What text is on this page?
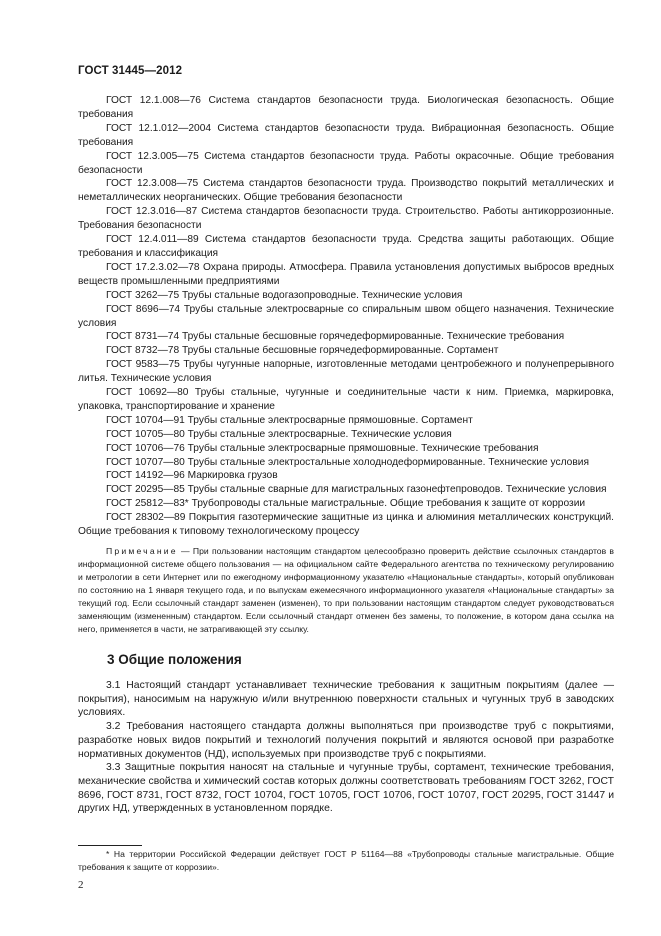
ГОСТ 31445—2012

ГОСТ 12.1.008—76 Система стандартов безопасности труда. Биологическая безопасность. Общие требования

ГОСТ 12.1.012—2004 Система стандартов безопасности труда. Вибрационная безопасность. Общие требования

ГОСТ 12.3.005—75 Система стандартов безопасности труда. Работы окрасочные. Общие требования безопасности

ГОСТ 12.3.008—75 Система стандартов безопасности труда. Производство покрытий металлических и неметаллических неорганических. Общие требования безопасности

ГОСТ 12.3.016—87 Система стандартов безопасности труда. Строительство. Работы антикоррозионные. Требования безопасности

ГОСТ 12.4.011—89 Система стандартов безопасности труда. Средства защиты работающих. Общие требования и классификация

ГОСТ 17.2.3.02—78 Охрана природы. Атмосфера. Правила установления допустимых выбросов вредных веществ промышленными предприятиями

ГОСТ 3262—75 Трубы стальные водогазопроводные. Технические условия

ГОСТ 8696—74 Трубы стальные электросварные со спиральным швом общего назначения. Технические условия

ГОСТ 8731—74 Трубы стальные бесшовные горячедеформированные. Технические требования

ГОСТ 8732—78 Трубы стальные бесшовные горячедеформированные. Сортамент

ГОСТ 9583—75 Трубы чугунные напорные, изготовленные методами центробежного и полунепрерывного литья. Технические условия

ГОСТ 10692—80 Трубы стальные, чугунные и соединительные части к ним. Приемка, маркировка, упаковка, транспортирование и хранение

ГОСТ 10704—91 Трубы стальные электросварные прямошовные. Сортамент

ГОСТ 10705—80 Трубы стальные электросварные. Технические условия

ГОСТ 10706—76 Трубы стальные электросварные прямошовные. Технические требования

ГОСТ 10707—80 Трубы стальные электростальные холоднодеформированные. Технические условия

ГОСТ 14192—96 Маркировка грузов

ГОСТ 20295—85 Трубы стальные сварные для магистральных газонефтепроводов. Технические условия

ГОСТ 25812—83* Трубопроводы стальные магистральные. Общие требования к защите от коррозии

ГОСТ 28302—89 Покрытия газотермические защитные из цинка и алюминия металлических конструкций. Общие требования к типовому технологическому процессу

Примечание — При пользовании настоящим стандартом целесообразно проверить действие ссылочных стандартов в информационной системе общего пользования — на официальном сайте Федерального агентства по техническому регулированию и метрологии в сети Интернет или по ежегодному информационному указателю «Национальные стандарты», который опубликован по состоянию на 1 января текущего года, и по выпускам ежемесячного информационного указателя «Национальные стандарты» за текущий год. Если ссылочный стандарт заменен (изменен), то при пользовании настоящим стандартом следует руководствоваться заменяющим (измененным) стандартом. Если ссылочный стандарт отменен без замены, то положение, в котором дана ссылка на него, применяется в части, не затрагивающей эту ссылку.

3 Общие положения

3.1 Настоящий стандарт устанавливает технические требования к защитным покрытиям (далее — покрытия), наносимым на наружную и/или внутреннюю поверхности стальных и чугунных труб в заводских условиях.

3.2 Требования настоящего стандарта должны выполняться при производстве труб с покрытиями, разработке новых видов покрытий и технологий получения покрытий и являются основой при разработке нормативных документов (НД), используемых при производстве труб с покрытиями.

3.3 Защитные покрытия наносят на стальные и чугунные трубы, сортамент, технические требования, механические свойства и химический состав которых должны соответствовать требованиям ГОСТ 3262, ГОСТ 8696, ГОСТ 8731, ГОСТ 8732, ГОСТ 10704, ГОСТ 10705, ГОСТ 10706, ГОСТ 10707, ГОСТ 20295, ГОСТ 31447 и других НД, утвержденных в установленном порядке.

* На территории Российской Федерации действует ГОСТ Р 51164—88 «Трубопроводы стальные магистральные. Общие требования к защите от коррозии».

2
